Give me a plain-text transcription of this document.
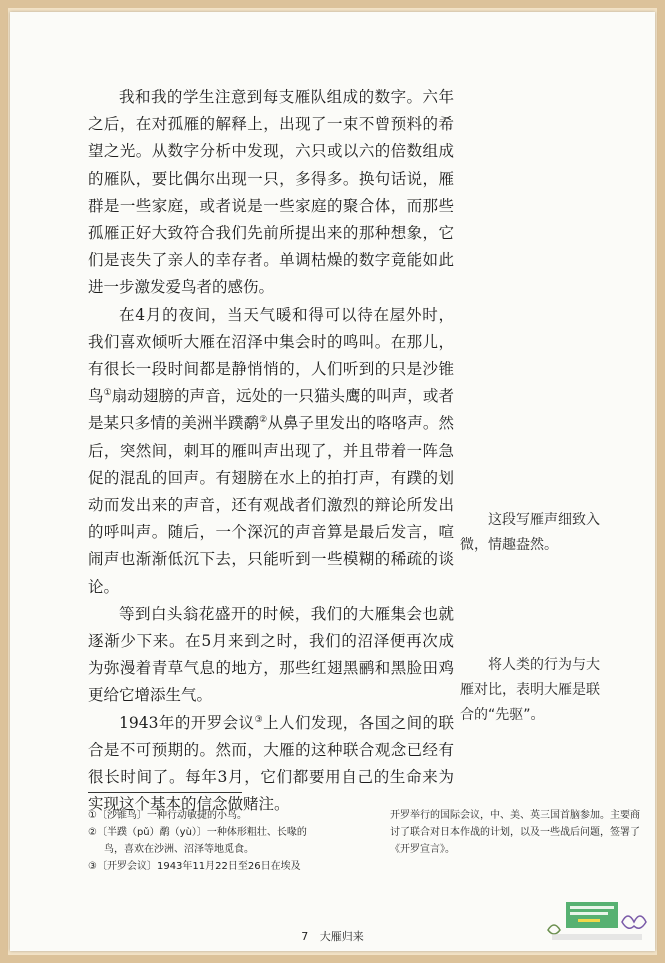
我和我的学生注意到每支雁队组成的数字。六年之后，在对孤雁的解释上，出现了一束不曾预料的希望之光。从数字分析中发现，六只或以六的倍数组成的雁队，要比偶尔出现一只，多得多。换句话说，雁群是一些家庭，或者说是一些家庭的聚合体，而那些孤雁正好大致符合我们先前所提出来的那种想象，它们是丧失了亲人的幸存者。单调枯燥的数字竟能如此进一步激发爱鸟者的感伤。

在4月的夜间，当天气暖和得可以待在屋外时，我们喜欢倾听大雁在沼泽中集会时的鸣叫。在那儿，有很长一段时间都是静悄悄的，人们听到的只是沙锥鸟①扇动翅膀的声音，远处的一只猫头鹰的叫声，或者是某只多情的美洲半蹼鹬②从鼻子里发出的咯咯声。然后，突然间，刺耳的雁叫声出现了，并且带着一阵急促的混乱的回声。有翅膀在水上的拍打声，有蹼的划动而发出来的声音，还有观战者们激烈的辩论所发出的呼叫声。随后，一个深沉的声音算是最后发言，喧闹声也渐渐低沉下去，只能听到一些模糊的稀疏的谈论。

等到白头翁花盛开的时候，我们的大雁集会也就逐渐少下来。在5月来到之时，我们的沼泽便再次成为弥漫着青草气息的地方，那些红翅黑鹂和黑脸田鸡更给它增添生气。

1943年的开罗会议③上人们发现，各国之间的联合是不可预期的。然而，大雁的这种联合观念已经有很长时间了。每年3月，它们都要用自己的生命来为实现这个基本的信念做赌注。

这段写雁声细致入微，情趣盎然。

将人类的行为与大雁对比，表明大雁是联合的“先驱”。

①〔沙锥鸟〕一种行动敏捷的小鸟。
②〔半蹼（pǔ）鹬（yù）〕一种体形粗壮、长喙的
鸟，喜欢在沙洲、沼泽等地觅食。
③〔开罗会议〕1943年11月22日至26日在埃及
开罗举行的国际会议，中、美、英三国首脑参加。主要商讨了联合对日本作战的计划，以及一些战后问题，签署了《开罗宣言》。
7 大雁归来
